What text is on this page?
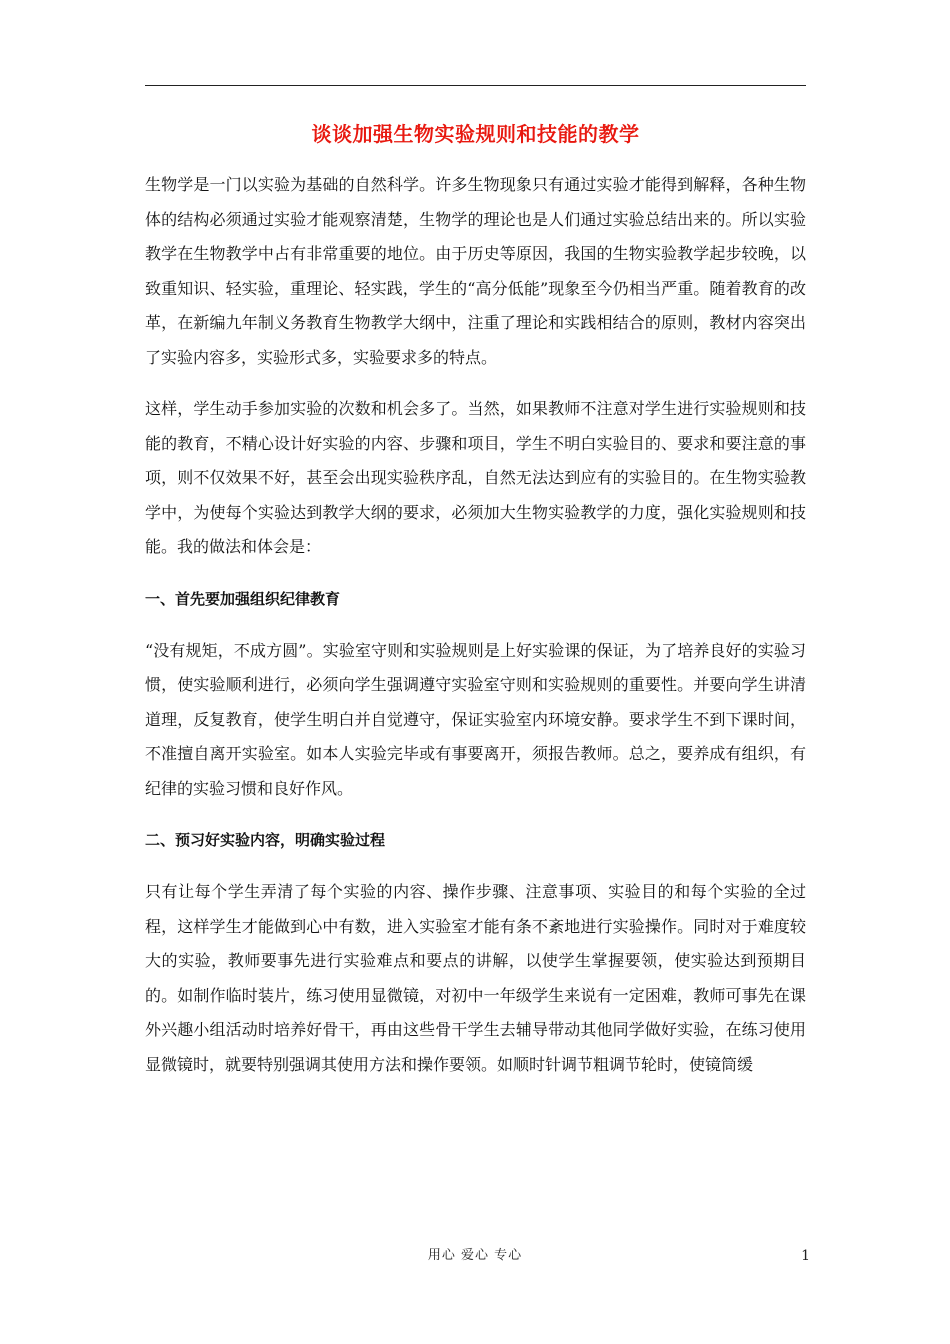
谈谈加强生物实验规则和技能的教学

生物学是一门以实验为基础的自然科学。许多生物现象只有通过实验才能得到解释，各种生物体的结构必须通过实验才能观察清楚，生物学的理论也是人们通过实验总结出来的。所以实验教学在生物教学中占有非常重要的地位。由于历史等原因，我国的生物实验教学起步较晚，以致重知识、轻实验，重理论、轻实践，学生的“高分低能”现象至今仍相当严重。随着教育的改革，在新编九年制义务教育生物教学大纲中，注重了理论和实践相结合的原则，教材内容突出了实验内容多，实验形式多，实验要求多的特点。

这样，学生动手参加实验的次数和机会多了。当然，如果教师不注意对学生进行实验规则和技能的教育，不精心设计好实验的内容、步骤和项目，学生不明白实验目的、要求和要注意的事项，则不仅效果不好，甚至会出现实验秩序乱，自然无法达到应有的实验目的。在生物实验教学中，为使每个实验达到教学大纲的要求，必须加大生物实验教学的力度，强化实验规则和技能。我的做法和体会是：

一、首先要加强组织纪律教育

“没有规矩，不成方圆”。实验室守则和实验规则是上好实验课的保证，为了培养良好的实验习惯，使实验顺利进行，必须向学生强调遵守实验室守则和实验规则的重要性。并要向学生讲清道理，反复教育，使学生明白并自觉遵守，保证实验室内环境安静。要求学生不到下课时间，不准擅自离开实验室。如本人实验完毕或有事要离开，须报告教师。总之，要养成有组织，有纪律的实验习惯和良好作风。

二、预习好实验内容，明确实验过程

只有让每个学生弄清了每个实验的内容、操作步骤、注意事项、实验目的和每个实验的全过程，这样学生才能做到心中有数，进入实验室才能有条不紊地进行实验操作。同时对于难度较大的实验，教师要事先进行实验难点和要点的讲解，以使学生掌握要领，使实验达到预期目的。如制作临时装片，练习使用显微镜，对初中一年级学生来说有一定困难，教师可事先在课外兴趣小组活动时培养好骨干，再由这些骨干学生去辅导带动其他同学做好实验，在练习使用显微镜时，就要特别强调其使用方法和操作要领。如顺时针调节粗调节轮时，使镜筒缓

用心 爱心 专心	1
